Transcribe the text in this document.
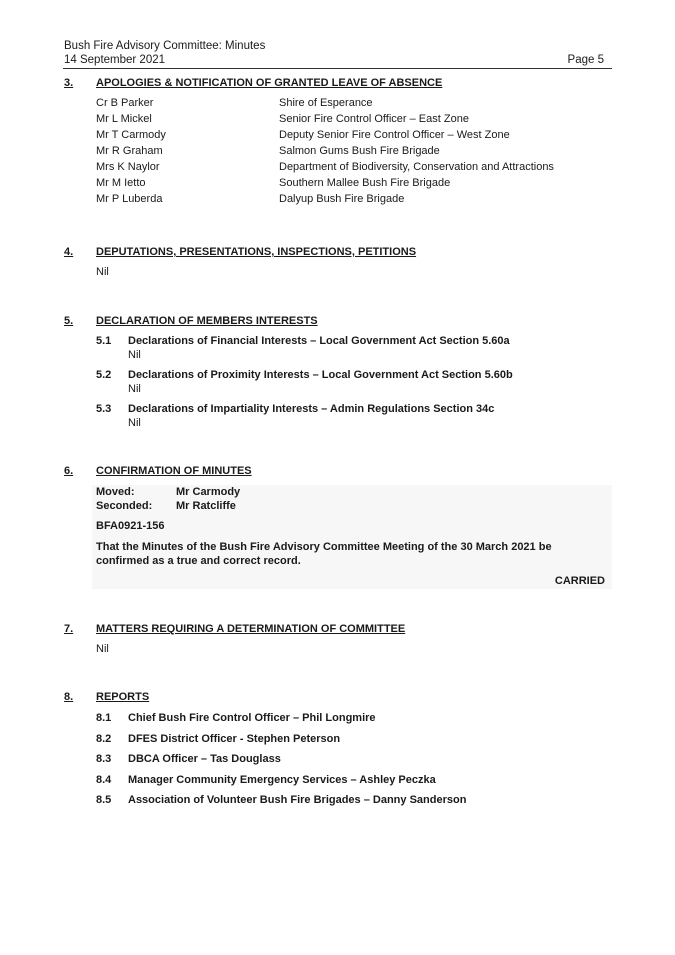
Bush Fire Advisory Committee: Minutes
14 September 2021	Page 5
3. APOLOGIES & NOTIFICATION OF GRANTED LEAVE OF ABSENCE
Cr B Parker	Shire of Esperance
Mr L Mickel	Senior Fire Control Officer – East Zone
Mr T Carmody	Deputy Senior Fire Control Officer – West Zone
Mr R Graham	Salmon Gums Bush Fire Brigade
Mrs K Naylor	Department of Biodiversity, Conservation and Attractions
Mr M Ietto	Southern Mallee Bush Fire Brigade
Mr P Luberda	Dalyup Bush Fire Brigade
4. DEPUTATIONS, PRESENTATIONS, INSPECTIONS, PETITIONS
Nil
5. DECLARATION OF MEMBERS INTERESTS
5.1 Declarations of Financial Interests – Local Government Act Section 5.60a
Nil
5.2 Declarations of Proximity Interests – Local Government Act Section 5.60b
Nil
5.3 Declarations of Impartiality Interests – Admin Regulations Section 34c
Nil
6. CONFIRMATION OF MINUTES
Moved:	Mr Carmody
Seconded: Mr Ratcliffe
BFA0921-156
That the Minutes of the Bush Fire Advisory Committee Meeting of the 30 March 2021 be
confirmed as a true and correct record.
CARRIED
7. MATTERS REQUIRING A DETERMINATION OF COMMITTEE
Nil
8. REPORTS
8.1 Chief Bush Fire Control Officer – Phil Longmire
8.2 DFES District Officer - Stephen Peterson
8.3 DBCA Officer – Tas Douglass
8.4 Manager Community Emergency Services – Ashley Peczka
8.5 Association of Volunteer Bush Fire Brigades – Danny Sanderson
